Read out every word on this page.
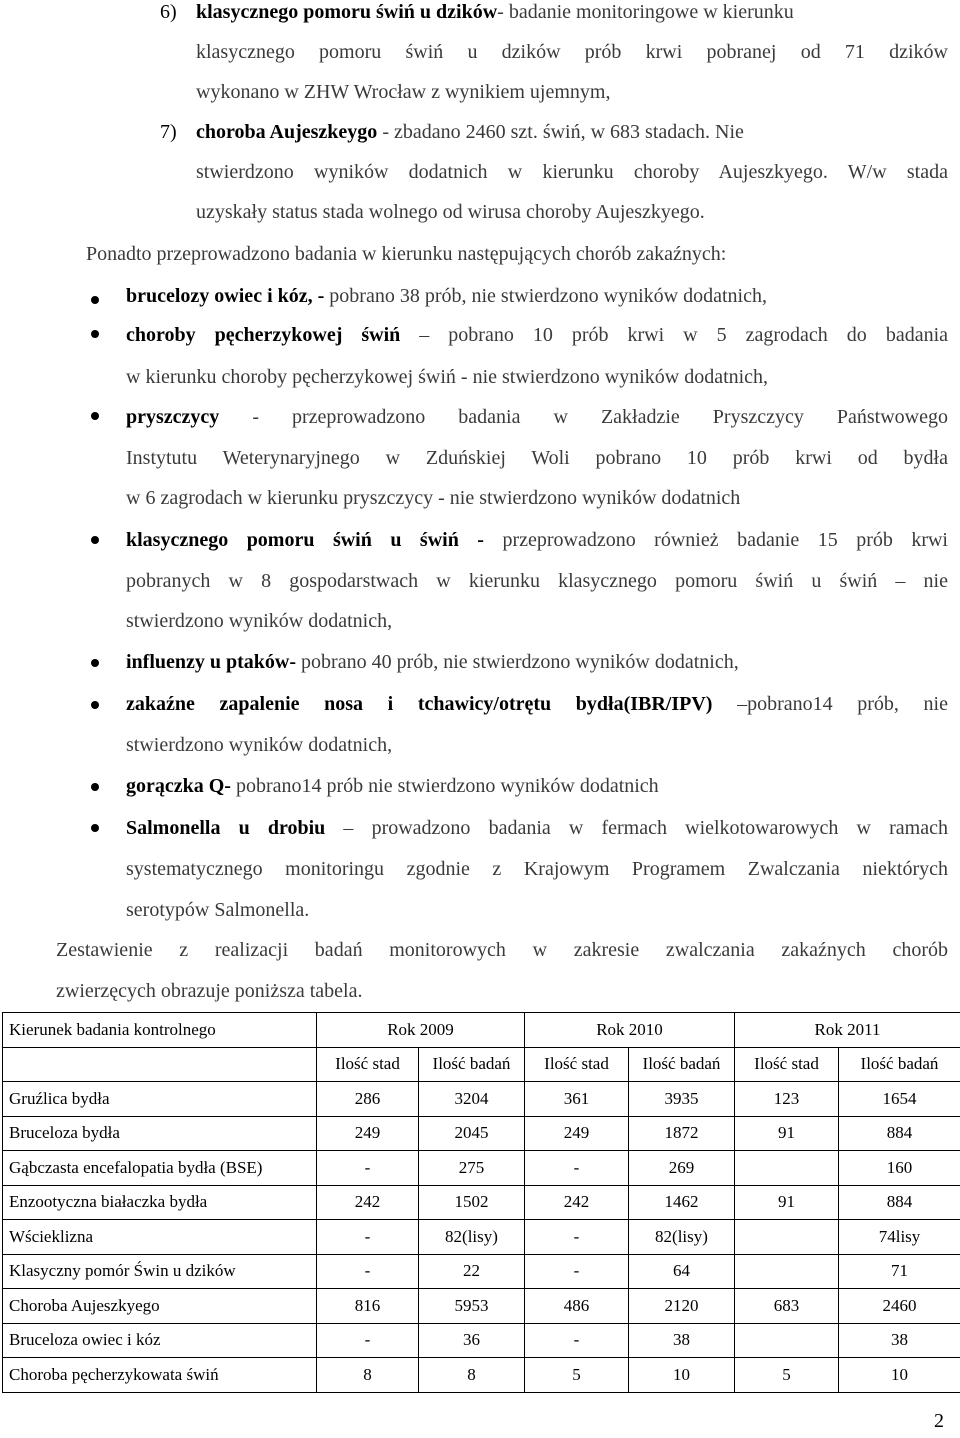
6) klasycznego pomoru świń u dzików- badanie monitoringowe w kierunku
klasycznego pomoru świń u dzików prób krwi pobranej od 71 dzików
wykonano w ZHW Wrocław z wynikiem ujemnym,
7) choroba Aujeszkeygo - zbadano 2460 szt. świń, w 683 stadach. Nie
stwierdzono wyników dodatnich w kierunku choroby Aujeszkyego. W/w stada
uzyskały status stada wolnego od wirusa choroby Aujeszkyego.
Ponadto przeprowadzono badania w kierunku następujących chorób zakaźnych:
brucelozy owiec i kóz, - pobrano 38 prób, nie stwierdzono wyników dodatnich,
choroby pęcherzykowej świń – pobrano 10 prób krwi w 5 zagrodach do badania
w kierunku choroby pęcherzykowej świń - nie stwierdzono wyników dodatnich,
pryszczycy - przeprowadzono badania w Zakładzie Pryszczycy Państwowego
Instytutu Weterynaryjnego w Zduńskiej Woli pobrano 10 prób krwi od bydła
w 6 zagrodach w kierunku pryszczycy - nie stwierdzono wyników dodatnich
klasycznego pomoru świń u świń - przeprowadzono również badanie 15 prób krwi
pobranych w 8 gospodarstwach w kierunku klasycznego pomoru świń u świń – nie
stwierdzono wyników dodatnich,
influenzy u ptaków- pobrano 40 prób, nie stwierdzono wyników dodatnich,
zakaźne zapalenie nosa i tchawicy/otrętu bydła(IBR/IPV) –pobrano14 prób, nie
stwierdzono wyników dodatnich,
gorączka Q- pobrano14 prób nie stwierdzono wyników dodatnich
Salmonella u drobiu – prowadzono badania w fermach wielkotowarowych w ramach
systematycznego monitoringu zgodnie z Krajowym Programem Zwalczania niektórych
serotypów Salmonella.
Zestawienie z realizacji badań monitorowych w zakresie zwalczania zakaźnych chorób
zwierzęcych obrazuje poniższa tabela.
Kierunek badania kontrolnego	Rok 2009		Rok 2010		Rok 2011	
	Ilość stad	Ilość badań	Ilość stad	Ilość badań	Ilość stad	Ilość badań
Gruźlica bydła	286	3204	361	3935	123	1654
Bruceloza bydła	249	2045	249	1872	91	884
Gąbczasta encefalopatia bydła (BSE)	-	275	-	269		160
Enzootyczna białaczka bydła	242	1502	242	1462	91	884
Wścieklizna	-	82(lisy)	-	82(lisy)		74lisy
Klasyczny pomór Świn u dzików	-	22	-	64		71
Choroba Aujeszkyego	816	5953	486	2120	683	2460
Bruceloza owiec i kóz	-	36	-	38		38
Choroba pęcherzykowata świń	8	8	5	10	5	10
2
